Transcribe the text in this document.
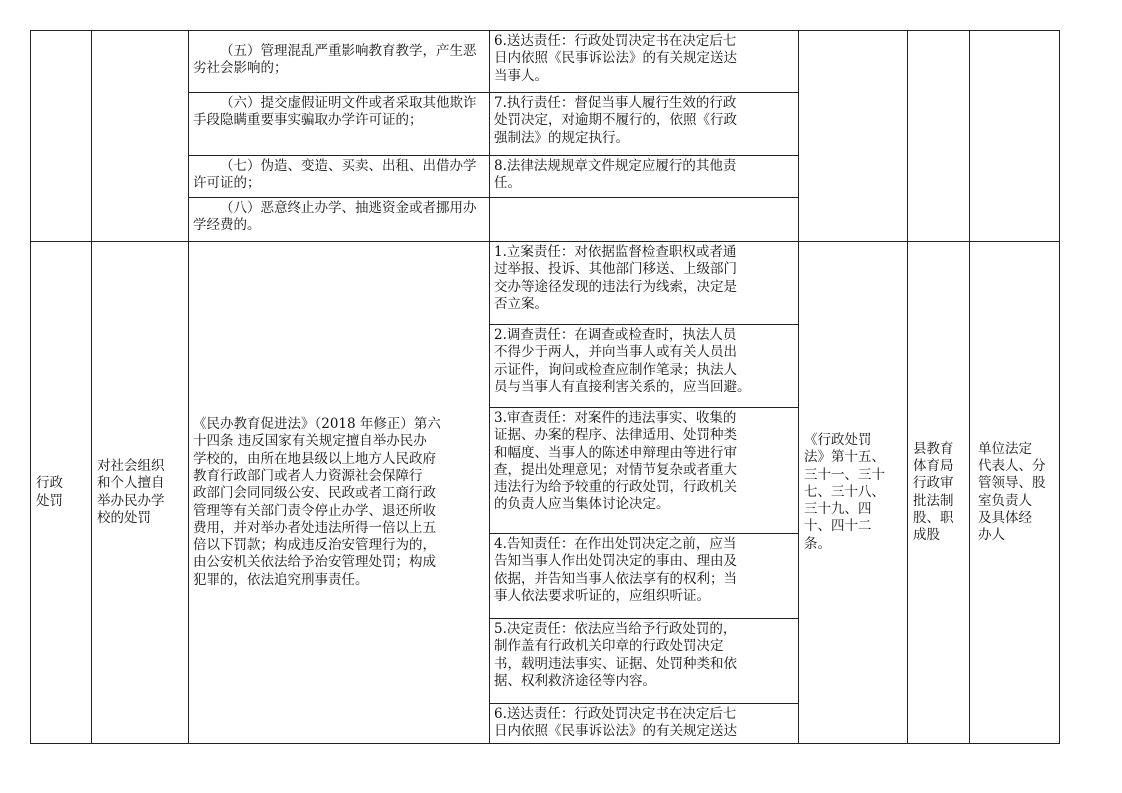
（五）管理混乱严重影响教育教学，产生恶劣社会影响的；
（六）提交虚假证明文件或者采取其他欺诈手段隐瞒重要事实骗取办学许可证的；
（七）伪造、变造、买卖、出租、出借办学许可证的；
（八）恶意终止办学、抽逃资金或者挪用办学经费的。
6.送达责任：行政处罚决定书在决定后七
日内依照《民事诉讼法》的有关规定送达
当事人。
7.执行责任：督促当事人履行生效的行政
处罚决定，对逾期不履行的，依照《行政
强制法》的规定执行。
8.法律法规规章文件规定应履行的其他责
任。
行政
处罚
对社会组织
和个人擅自
举办民办学
校的处罚
《民办教育促进法》（2018 年修正）第六
十四条 违反国家有关规定擅自举办民办
学校的，由所在地县级以上地方人民政府
教育行政部门或者人力资源社会保障行
政部门会同同级公安、民政或者工商行政
管理等有关部门责令停止办学、退还所收
费用，并对举办者处违法所得一倍以上五
倍以下罚款；构成违反治安管理行为的，
由公安机关依法给予治安管理处罚；构成
犯罪的，依法追究刑事责任。
1.立案责任：对依据监督检查职权或者通
过举报、投诉、其他部门移送、上级部门
交办等途径发现的违法行为线索，决定是
否立案。
2.调查责任：在调查或检查时，执法人员
不得少于两人，并向当事人或有关人员出
示证件，询问或检查应制作笔录；执法人
员与当事人有直接利害关系的，应当回避。
3.审查责任：对案件的违法事实、收集的
证据、办案的程序、法律适用、处罚种类
和幅度、当事人的陈述申辩理由等进行审
查，提出处理意见；对情节复杂或者重大
违法行为给予较重的行政处罚，行政机关
的负责人应当集体讨论决定。
4.告知责任：在作出处罚决定之前，应当
告知当事人作出处罚决定的事由、理由及
依据，并告知当事人依法享有的权利；当
事人依法要求听证的，应组织听证。
5.决定责任：依法应当给予行政处罚的，
制作盖有行政机关印章的行政处罚决定
书，载明违法事实、证据、处罚种类和依
据、权利救济途径等内容。
6.送达责任：行政处罚决定书在决定后七
日内依照《民事诉讼法》的有关规定送达
《行政处罚
法》第十五、
三十一、三十
七、三十八、
三十九、四
十、四十二
条。
县教育
体育局
行政审
批法制
股、职
成股
单位法定
代表人、分
管领导、股
室负责人
及具体经
办人
